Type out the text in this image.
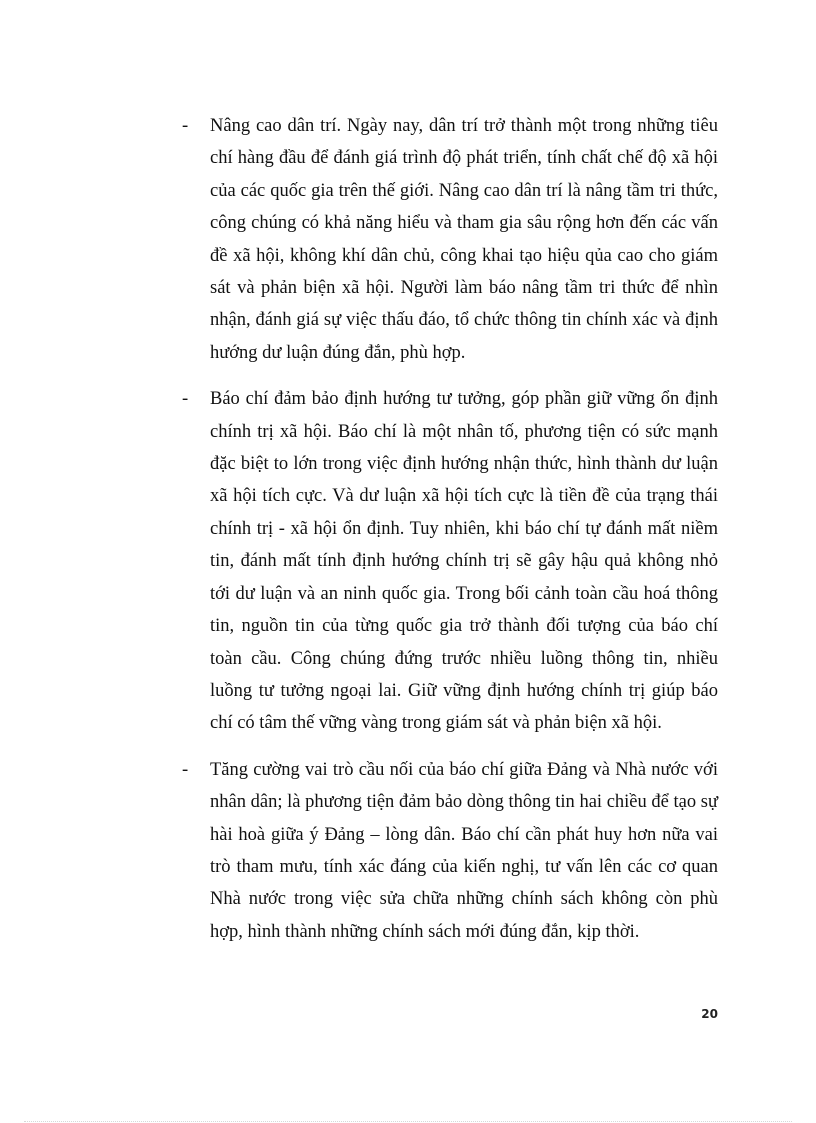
-	Nâng cao dân trí. Ngày nay, dân trí trở thành một trong những tiêu chí hàng đầu để đánh giá trình độ phát triển, tính chất chế độ xã hội của các quốc gia trên thế giới. Nâng cao dân trí là nâng tầm tri thức, công chúng có khả năng hiểu và tham gia sâu rộng hơn đến các vấn đề xã hội, không khí dân chủ, công khai tạo hiệu qủa cao cho giám sát và phản biện xã hội. Người làm báo nâng tầm tri thức để nhìn nhận, đánh giá sự việc thấu đáo, tổ chức thông tin chính xác và định hướng dư luận đúng đắn, phù hợp.

-	Báo chí đảm bảo định hướng tư tưởng, góp phần giữ vững ổn định chính trị xã hội. Báo chí là một nhân tố, phương tiện có sức mạnh đặc biệt to lớn trong việc định hướng nhận thức, hình thành dư luận xã hội tích cực. Và dư luận xã hội tích cực là tiền đề của trạng thái chính trị - xã hội ổn định. Tuy nhiên, khi báo chí tự đánh mất niềm tin, đánh mất tính định hướng chính trị sẽ gây hậu quả không nhỏ tới dư luận và an ninh quốc gia. Trong bối cảnh toàn cầu hoá thông tin, nguồn tin của từng quốc gia trở thành đối tượng của báo chí toàn cầu. Công chúng đứng trước nhiều luồng thông tin, nhiều luồng tư tưởng ngoại lai. Giữ vững định hướng chính trị giúp báo chí có tâm thế vững vàng trong giám sát và phản biện xã hội.

-	Tăng cường vai trò cầu nối của báo chí giữa Đảng và Nhà nước với nhân dân; là phương tiện đảm bảo dòng thông tin hai chiều để tạo sự hài hoà giữa ý Đảng – lòng dân. Báo chí cần phát huy hơn nữa vai trò tham mưu, tính xác đáng của kiến nghị, tư vấn lên các cơ quan Nhà nước trong việc sửa chữa những chính sách không còn phù hợp, hình thành những chính sách mới đúng đắn, kịp thời.

20
